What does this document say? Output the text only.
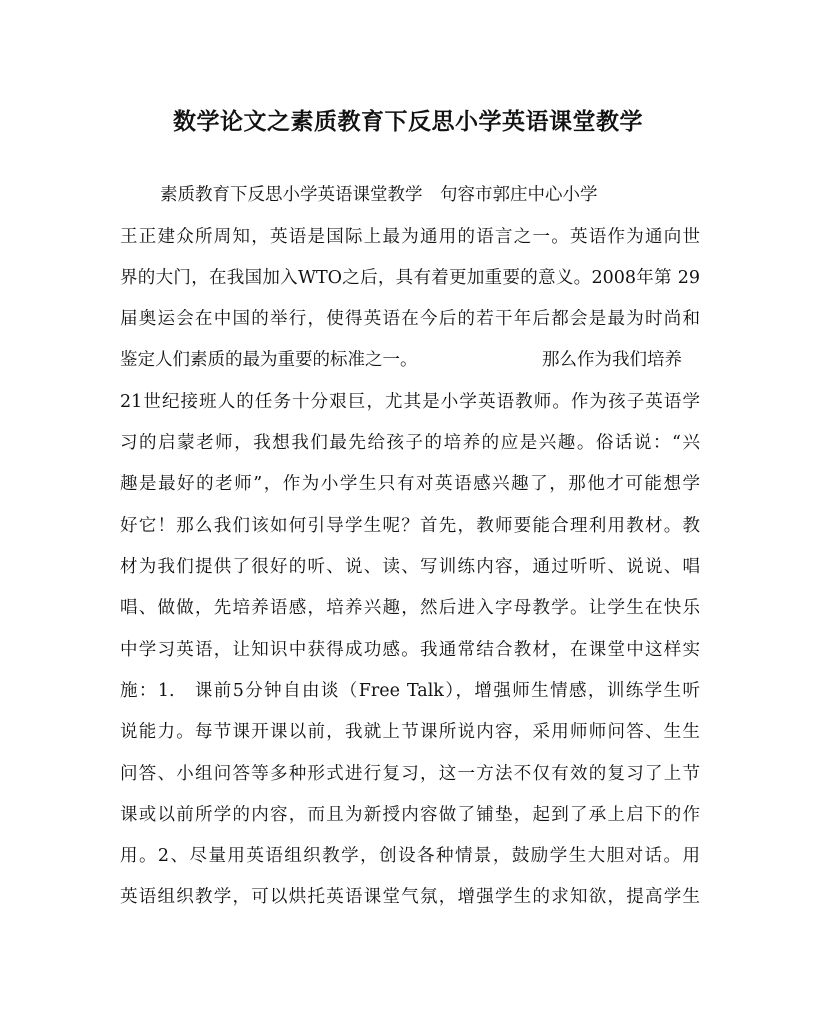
数学论文之素质教育下反思小学英语课堂教学

素质教育下反思小学英语课堂教学　句容市郭庄中心小学

王正建众所周知，英语是国际上最为通用的语言之一。英语作为通向世

界的大门，在我国加入WTO之后，具有着更加重要的意义。2008年第 29

届奥运会在中国的举行，使得英语在今后的若干年后都会是最为时尚和

鉴定人们素质的最为重要的标准之一。	那么作为我们培养

21世纪接班人的任务十分艰巨，尤其是小学英语教师。作为孩子英语学

习的启蒙老师，我想我们最先给孩子的培养的应是兴趣。俗话说：“兴

趣是最好的老师”，作为小学生只有对英语感兴趣了，那他才可能想学

好它！那么我们该如何引导学生呢？首先，教师要能合理利用教材。教

材为我们提供了很好的听、说、读、写训练内容，通过听听、说说、唱

唱、做做，先培养语感，培养兴趣，然后进入字母教学。让学生在快乐

中学习英语，让知识中获得成功感。我通常结合教材，在课堂中这样实

施：1.　课前5分钟自由谈（Free Talk），增强师生情感，训练学生听

说能力。每节课开课以前，我就上节课所说内容，采用师师问答、生生

问答、小组问答等多种形式进行复习，这一方法不仅有效的复习了上节

课或以前所学的内容，而且为新授内容做了铺垫，起到了承上启下的作

用。2、尽量用英语组织教学，创设各种情景，鼓励学生大胆对话。用

英语组织教学，可以烘托英语课堂气氛，增强学生的求知欲，提高学生
